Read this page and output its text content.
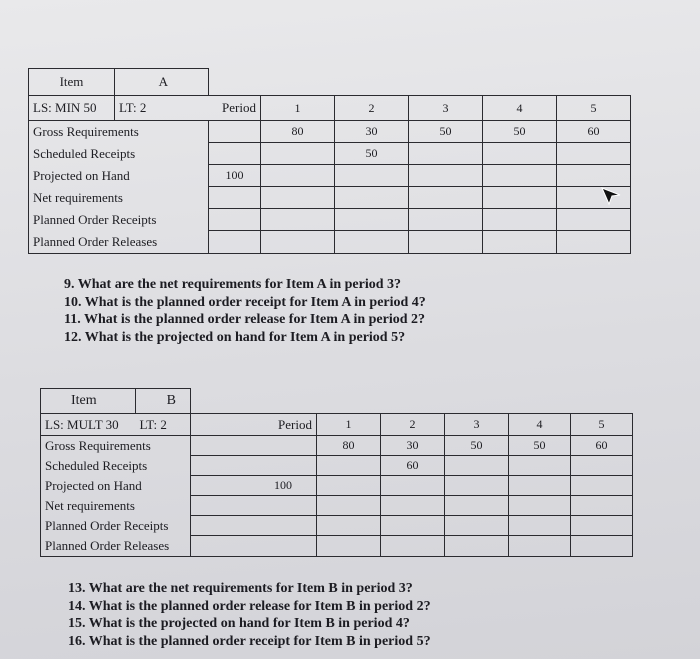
Item	A						
LS: MIN 50	LT: 2	Period	1	2	3	4	5
Gross Requirements			80	30	50	50	60
Scheduled Receipts				50			
Projected on Hand		100					
Net requirements							
Planned Order Receipts							
Planned Order Releases							
9. What are the net requirements for Item A in period 3?
10. What is the planned order receipt for Item A in period 4?
11. What is the planned order release for Item A in period 2?
12. What is the projected on hand for Item A in period 5?
Item	B						
LS: MULT 30	LT: 2	Period	1	2	3	4	5
Gross Requirements			80	30	50	50	60
Scheduled Receipts				60			
Projected on Hand		100					
Net requirements							
Planned Order Receipts							
Planned Order Releases							
13. What are the net requirements for Item B in period 3?
14. What is the planned order release for Item B in period 2?
15. What is the projected on hand for Item B in period 4?
16. What is the planned order receipt for Item B in period 5?
